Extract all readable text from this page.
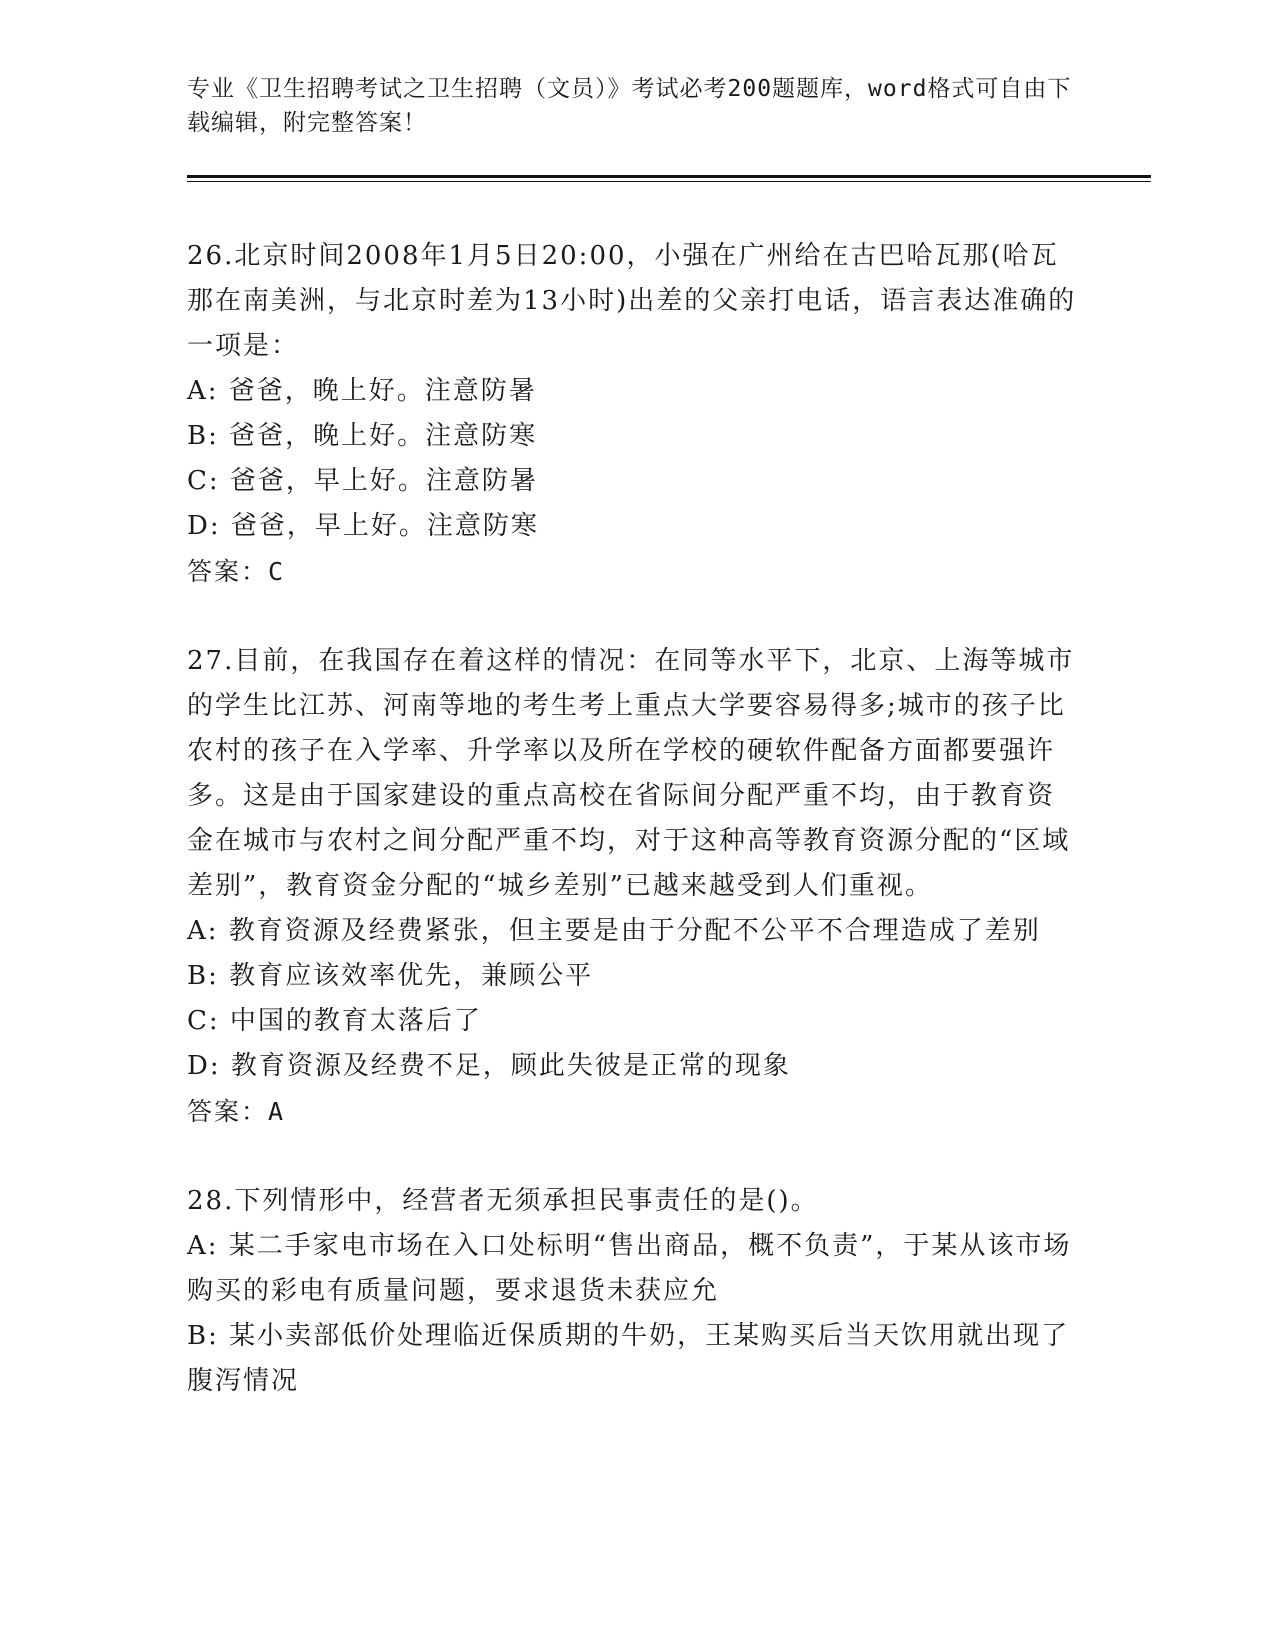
专业《卫生招聘考试之卫生招聘（文员）》考试必考200题题库，word格式可自由下载编辑，附完整答案！

26.北京时间2008年1月5日20:00，小强在广州给在古巴哈瓦那(哈瓦那在南美洲，与北京时差为13小时)出差的父亲打电话，语言表达准确的一项是：

A: 爸爸，晚上好。注意防暑

B: 爸爸，晚上好。注意防寒

C: 爸爸，早上好。注意防暑

D: 爸爸，早上好。注意防寒

答案：C

27.目前，在我国存在着这样的情况：在同等水平下，北京、上海等城市的学生比江苏、河南等地的考生考上重点大学要容易得多;城市的孩子比农村的孩子在入学率、升学率以及所在学校的硬软件配备方面都要强许多。这是由于国家建设的重点高校在省际间分配严重不均，由于教育资金在城市与农村之间分配严重不均，对于这种高等教育资源分配的“区域差别”，教育资金分配的“城乡差别”已越来越受到人们重视。

A: 教育资源及经费紧张，但主要是由于分配不公平不合理造成了差别

B: 教育应该效率优先，兼顾公平

C: 中国的教育太落后了

D: 教育资源及经费不足，顾此失彼是正常的现象

答案：A

28.下列情形中，经营者无须承担民事责任的是()。

A: 某二手家电市场在入口处标明“售出商品，概不负责”，于某从该市场购买的彩电有质量问题，要求退货未获应允

B: 某小卖部低价处理临近保质期的牛奶，王某购买后当天饮用就出现了腹泻情况
